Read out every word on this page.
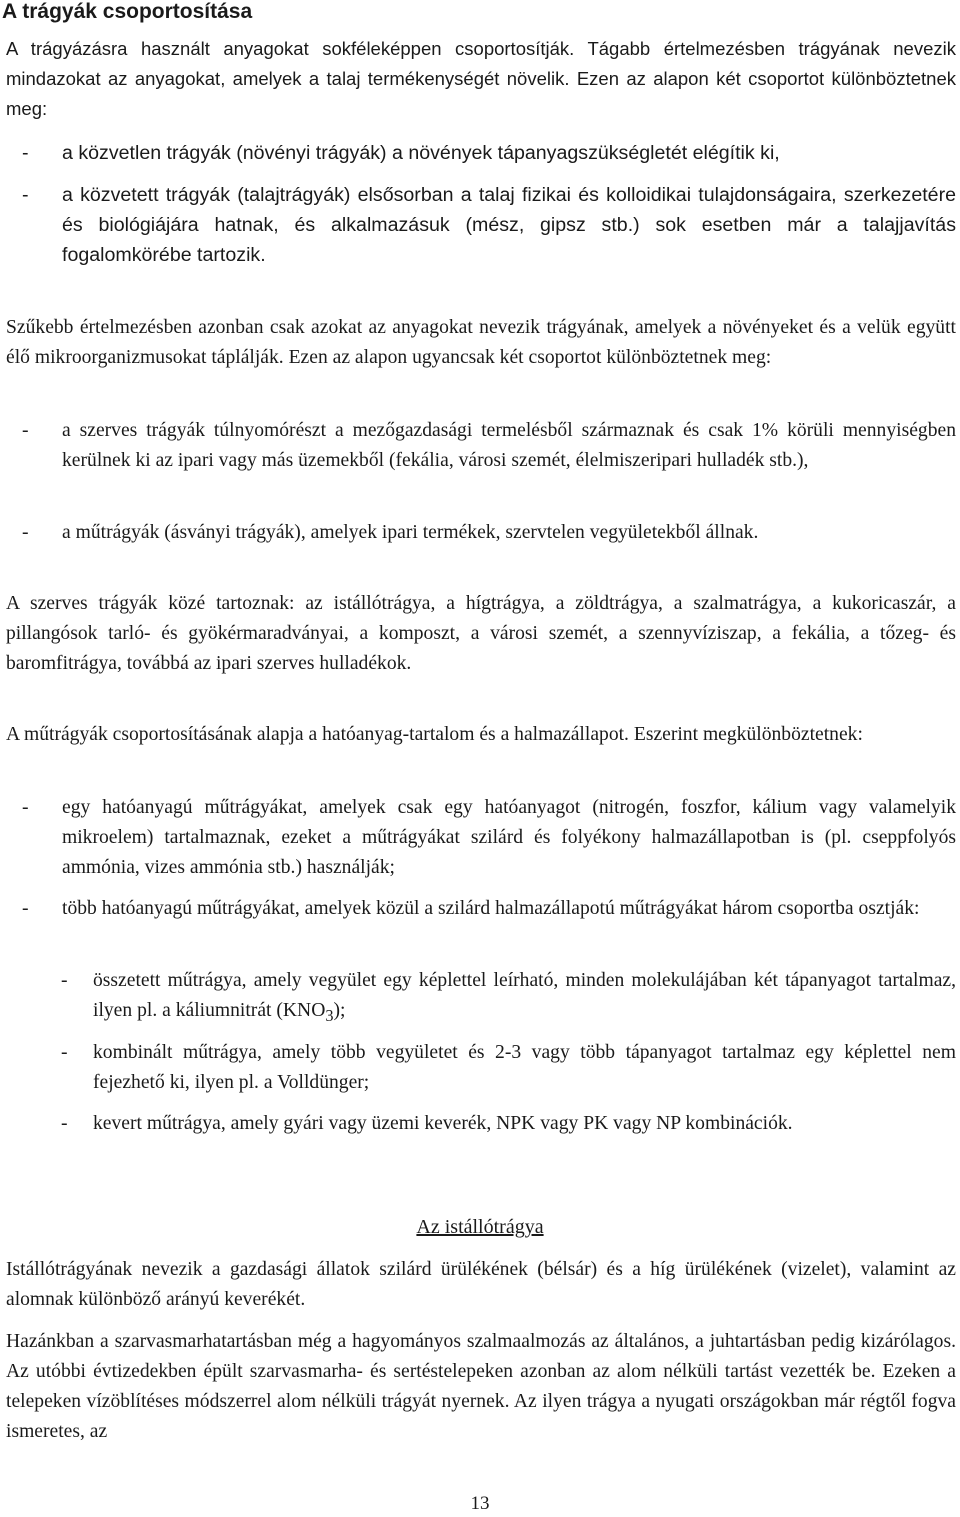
A trágyák csoportosítása
A trágyázásra használt anyagokat sokféleképpen csoportosítják. Tágabb értelmezésben trágyának nevezik mindazokat az anyagokat, amelyek a talaj termékenységét növelik. Ezen az alapon két csoportot különböztetnek meg:
- a közvetlen trágyák (növényi trágyák) a növények tápanyagszükségletét elégítik ki,
- a közvetett trágyák (talajtrágyák) elsősorban a talaj fizikai és kolloidikai tulajdonságaira, szerkezetére és biológiájára hatnak, és alkalmazásuk (mész, gipsz stb.) sok esetben már a talajjavítás fogalomkörébe tartozik.
Szűkebb értelmezésben azonban csak azokat az anyagokat nevezik trágyának, amelyek a növényeket és a velük együtt élő mikroorganizmusokat táplálják. Ezen az alapon ugyancsak két csoportot különböztetnek meg:
- a szerves trágyák túlnyomórészt a mezőgazdasági termelésből származnak és csak 1% körüli mennyiségben kerülnek ki az ipari vagy más üzemekből (fekália, városi szemét, élelmiszeripari hulladék stb.),
- a műtrágyák (ásványi trágyák), amelyek ipari termékek, szervtelen vegyületekből állnak.
A szerves trágyák közé tartoznak: az istállótrágya, a hígtrágya, a zöldtrágya, a szalmatrágya, a kukoricaszár, a pillangósok tarló- és gyökérmaradványai, a komposzt, a városi szemét, a szennyvíziszap, a fekália, a tőzeg- és baromfitrágya, továbbá az ipari szerves hulladékok.
A műtrágyák csoportosításának alapja a hatóanyag-tartalom és a halmazállapot. Eszerint megkülönböztetnek:
- egy hatóanyagú műtrágyákat, amelyek csak egy hatóanyagot (nitrogén, foszfor, kálium vagy valamelyik mikroelem) tartalmaznak, ezeket a műtrágyákat szilárd és folyékony halmazállapotban is (pl. cseppfolyós ammónia, vizes ammónia stb.) használják;
- több hatóanyagú műtrágyákat, amelyek közül a szilárd halmazállapotú műtrágyákat három csoportba osztják:
- összetett műtrágya, amely vegyület egy képlettel leírható, minden molekulájában két tápanyagot tartalmaz, ilyen pl. a káliumnitrát $(KNO_3)$;
- kombinált műtrágya, amely több vegyületet és 2-3 vagy több tápanyagot tartalmaz egy képlettel nem fejezhető ki, ilyen pl. a Volldünger;
- kevert műtrágya, amely gyári vagy üzemi keverék, NPK vagy PK vagy NP kombinációk.
Az istállótrágya
Istállótrágyának nevezik a gazdasági állatok szilárd ürülékének (bélsár) és a híg ürülékének (vizelet), valamint az alomnak különböző arányú keverékét.
Hazánkban a szarvasmarhatartásban még a hagyományos szalmaalmozás az általános, a juhtartásban pedig kizárólagos. Az utóbbi évtizedekben épült szarvasmarha- és sertéstelepeken azonban az alom nélküli tartást vezették be. Ezeken a telepeken vízöblítéses módszerrel alom nélküli trágyát nyernek. Az ilyen trágya a nyugati országokban már régtől fogva ismeretes, az
13
